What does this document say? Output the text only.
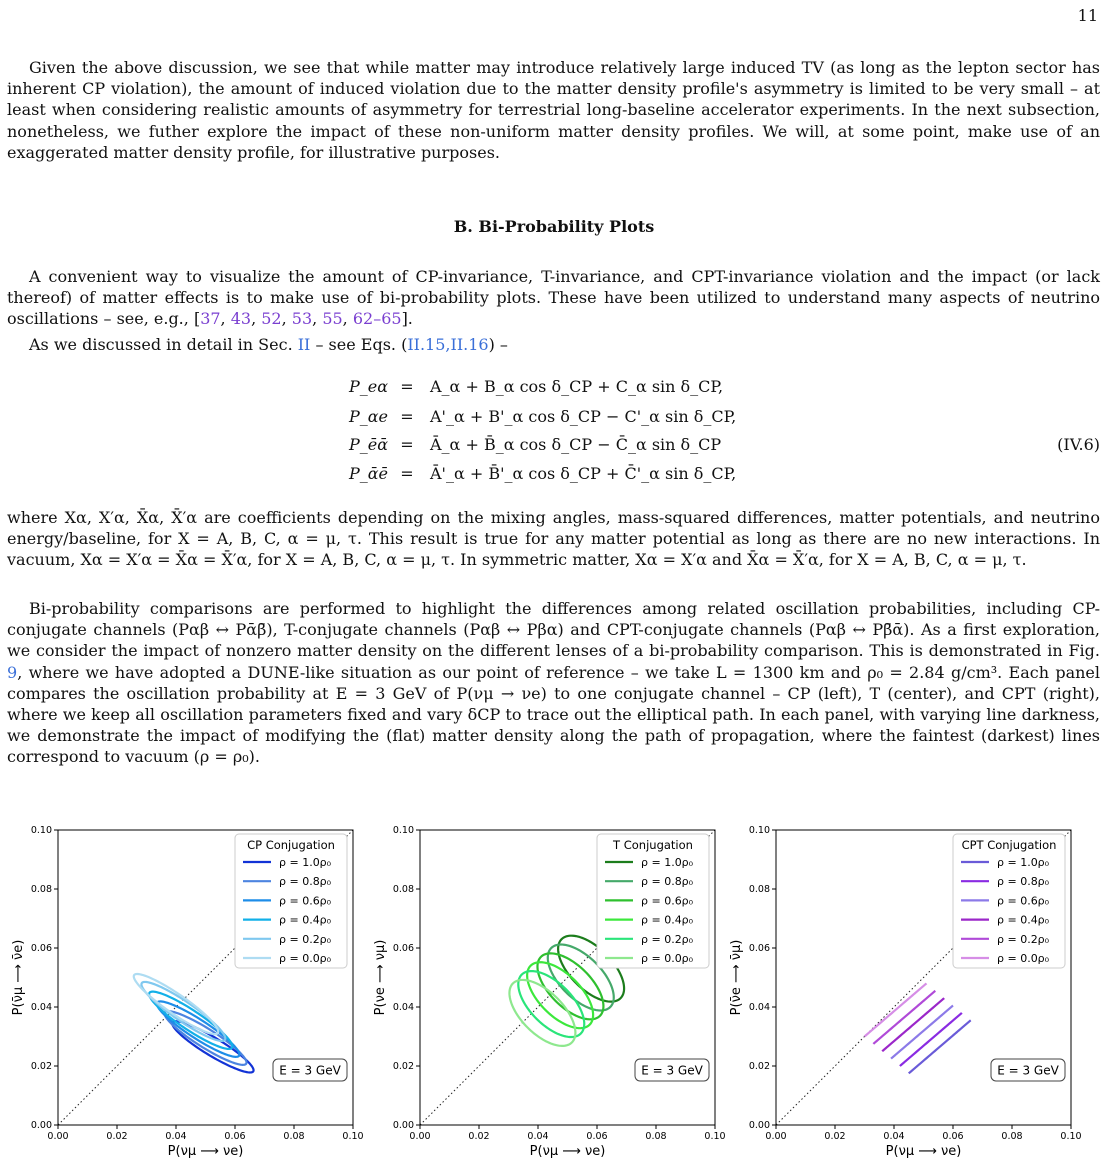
11
Given the above discussion, we see that while matter may introduce relatively large induced TV (as long as the lepton sector has inherent CP violation), the amount of induced violation due to the matter density profile's asymmetry is limited to be very small – at least when considering realistic amounts of asymmetry for terrestrial long-baseline accelerator experiments. In the next subsection, nonetheless, we futher explore the impact of these non-uniform matter density profiles. We will, at some point, make use of an exaggerated matter density profile, for illustrative purposes.
B. Bi-Probability Plots
A convenient way to visualize the amount of CP-invariance, T-invariance, and CPT-invariance violation and the impact (or lack thereof) of matter effects is to make use of bi-probability plots. These have been utilized to understand many aspects of neutrino oscillations – see, e.g., [37, 43, 52, 53, 55, 62–65].
As we discussed in detail in Sec. II – see Eqs. (II.15,II.16) –
P_eα =	A_α + B_α cos δ_CP + C_α sin δ_CP,
P_αe =	A'_α + B'_α cos δ_CP − C'_α sin δ_CP,
P_ēᾱ =	Ā_α + B̄_α cos δ_CP − C̄_α sin δ_CP	(IV.6)
P_ᾱē =	Ā'_α + B̄'_α cos δ_CP + C̄'_α sin δ_CP,
where Xα, X′α, X̄α, X̄′α are coefficients depending on the mixing angles, mass-squared differences, matter potentials, and neutrino energy/baseline, for X = A, B, C, α = μ, τ. This result is true for any matter potential as long as there are no new interactions. In vacuum, Xα = X′α = X̄α = X̄′α, for X = A, B, C, α = μ, τ. In symmetric matter, Xα = X′α and X̄α = X̄′α, for X = A, B, C, α = μ, τ.
Bi-probability comparisons are performed to highlight the differences among related oscillation probabilities, including CP-conjugate channels (Pαβ ↔ Pᾱβ̄), T-conjugate channels (Pαβ ↔ Pβα) and CPT-conjugate channels (Pαβ ↔ Pβ̄ᾱ). As a first exploration, we consider the impact of nonzero matter density on the different lenses of a bi-probability comparison. This is demonstrated in Fig. 9, where we have adopted a DUNE-like situation as our point of reference – we take L = 1300 km and ρ₀ = 2.84 g/cm³. Each panel compares the oscillation probability at E = 3 GeV of P(νμ → νe) to one conjugate channel – CP (left), T (center), and CPT (right), where we keep all oscillation parameters fixed and vary δCP to trace out the elliptical path. In each panel, with varying line darkness, we demonstrate the impact of modifying the (flat) matter density along the path of propagation, where the faintest (darkest) lines correspond to vacuum (ρ = ρ₀).
0.00
0.00
0.02
0.02
0.04
0.04
0.06
0.06
0.08
0.08
0.10
0.10
P(νμ ⟶ νe)
P(ν̄μ ⟶ ν̄e)
CP Conjugation
ρ = 1.0ρ₀
ρ = 0.8ρ₀
ρ = 0.6ρ₀
ρ = 0.4ρ₀
ρ = 0.2ρ₀
ρ = 0.0ρ₀
E = 3 GeV
0.00
0.00
0.02
0.02
0.04
0.04
0.06
0.06
0.08
0.08
0.10
0.10
P(νμ ⟶ νe)
P(νe ⟶ νμ)
T Conjugation
ρ = 1.0ρ₀
ρ = 0.8ρ₀
ρ = 0.6ρ₀
ρ = 0.4ρ₀
ρ = 0.2ρ₀
ρ = 0.0ρ₀
E = 3 GeV
0.00
0.00
0.02
0.02
0.04
0.04
0.06
0.06
0.08
0.08
0.10
0.10
P(νμ ⟶ νe)
P(ν̄e ⟶ ν̄μ)
CPT Conjugation
ρ = 1.0ρ₀
ρ = 0.8ρ₀
ρ = 0.6ρ₀
ρ = 0.4ρ₀
ρ = 0.2ρ₀
ρ = 0.0ρ₀
E = 3 GeV
